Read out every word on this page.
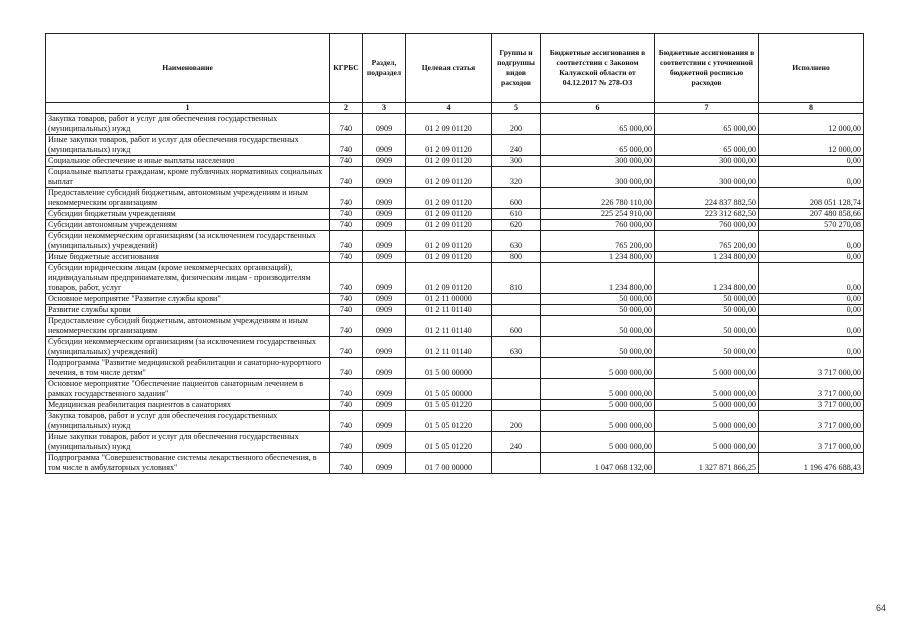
Наименование	КГРБС	Раздел, подраздел	Целевая статья	Группы и подгруппы видов расходов	Бюджетные ассигнования в соответствии с Законом Калужской области от 04.12.2017 № 278-ОЗ	Бюджетные ассигнования в соответствии с уточненной бюджетной росписью расходов	Исполнено
1	2	3	4	5	6	7	8
Закупка товаров, работ и услуг для обеспечения государственных (муниципальных) нужд	740	0909	01 2 09 01120	200	65 000,00	65 000,00	12 000,00
Иные закупки товаров, работ и услуг для обеспечения государственных (муниципальных) нужд	740	0909	01 2 09 01120	240	65 000,00	65 000,00	12 000,00
Социальное обеспечение и иные выплаты населению	740	0909	01 2 09 01120	300	300 000,00	300 000,00	0,00
Социальные выплаты гражданам, кроме публичных нормативных социальных выплат	740	0909	01 2 09 01120	320	300 000,00	300 000,00	0,00
Предоставление субсидий бюджетным, автономным учреждениям и иным некоммерческим организациям	740	0909	01 2 09 01120	600	226 780 110,00	224 837 882,50	208 051 128,74
Субсидии бюджетным учреждениям	740	0909	01 2 09 01120	610	225 254 910,00	223 312 682,50	207 480 858,66
Субсидии автономным учреждениям	740	0909	01 2 09 01120	620	760 000,00	760 000,00	570 270,08
Субсидии некоммерческим организациям (за исключением государственных (муниципальных) учреждений)	740	0909	01 2 09 01120	630	765 200,00	765 200,00	0,00
Иные бюджетные ассигнования	740	0909	01 2 09 01120	800	1 234 800,00	1 234 800,00	0,00
Субсидии юридическим лицам (кроме некоммерческих организаций), индивидуальным предпринимателям, физическим лицам - производителям товаров, работ, услуг	740	0909	01 2 09 01120	810	1 234 800,00	1 234 800,00	0,00
Основное мероприятие "Развитие службы крови"	740	0909	01 2 11 00000		50 000,00	50 000,00	0,00
Развитие службы крови	740	0909	01 2 11 01140		50 000,00	50 000,00	0,00
Предоставление субсидий бюджетным, автономным учреждениям и иным некоммерческим организациям	740	0909	01 2 11 01140	600	50 000,00	50 000,00	0,00
Субсидии некоммерческим организациям (за исключением государственных (муниципальных) учреждений)	740	0909	01 2 11 01140	630	50 000,00	50 000,00	0,00
Подпрограмма "Развитие медицинской реабилитации и санаторно-курортного лечения, в том числе детям"	740	0909	01 5 00 00000		5 000 000,00	5 000 000,00	3 717 000,00
Основное мероприятие "Обеспечение пациентов санаторным лечением в рамках государственного задания"	740	0909	01 5 05 00000		5 000 000,00	5 000 000,00	3 717 000,00
Медицинская реабилитация пациентов в санаториях	740	0909	01 5 05 01220		5 000 000,00	5 000 000,00	3 717 000,00
Закупка товаров, работ и услуг для обеспечения государственных (муниципальных) нужд	740	0909	01 5 05 01220	200	5 000 000,00	5 000 000,00	3 717 000,00
Иные закупки товаров, работ и услуг для обеспечения государственных (муниципальных) нужд	740	0909	01 5 05 01220	240	5 000 000,00	5 000 000,00	3 717 000,00
Подпрограмма "Совершенствование системы лекарственного обеспечения, в том числе в амбулаторных условиях"	740	0909	01 7 00 00000		1 047 068 132,00	1 327 871 866,25	1 196 476 688,43
64
